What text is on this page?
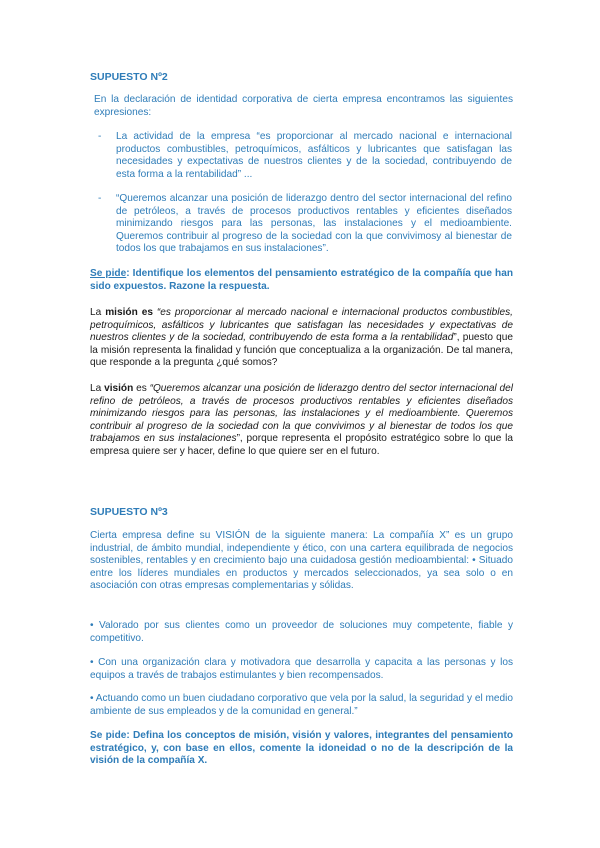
SUPUESTO Nº2
En la declaración de identidad corporativa de cierta empresa encontramos las siguientes expresiones:
- La actividad de la empresa “es proporcionar al mercado nacional e internacional productos combustibles, petroquímicos, asfálticos y lubricantes que satisfagan las necesidades y expectativas de nuestros clientes y de la sociedad, contribuyendo de esta forma a la rentabilidad” ...
- “Queremos alcanzar una posición de liderazgo dentro del sector internacional del refino de petróleos, a través de procesos productivos rentables y eficientes diseñados minimizando riesgos para las personas, las instalaciones y el medioambiente. Queremos contribuir al progreso de la sociedad con la que convivimosy al bienestar de todos los que trabajamos en sus instalaciones”.
Se pide: Identifique los elementos del pensamiento estratégico de la compañía que han sido expuestos. Razone la respuesta.
La misión es “es proporcionar al mercado nacional e internacional productos combustibles, petroquímicos, asfálticos y lubricantes que satisfagan las necesidades y expectativas de nuestros clientes y de la sociedad, contribuyendo de esta forma a la rentabilidad”, puesto que la misión representa la finalidad y función que conceptualiza a la organización. De tal manera, que responde a la pregunta ¿qué somos?
La visión es “Queremos alcanzar una posición de liderazgo dentro del sector internacional del refino de petróleos, a través de procesos productivos rentables y eficientes diseñados minimizando riesgos para las personas, las instalaciones y el medioambiente. Queremos contribuir al progreso de la sociedad con la que convivimos y al bienestar de todos los que trabajamos en sus instalaciones”, porque representa el propósito estratégico sobre lo que la empresa quiere ser y hacer, define lo que quiere ser en el futuro.
SUPUESTO Nº3
Cierta empresa define su VISIÓN de la siguiente manera: La compañía X” es un grupo industrial, de ámbito mundial, independiente y ético, con una cartera equilibrada de negocios sostenibles, rentables y en crecimiento bajo una cuidadosa gestión medioambiental: • Situado entre los líderes mundiales en productos y mercados seleccionados, ya sea solo o en asociación con otras empresas complementarias y sólidas.
• Valorado por sus clientes como un proveedor de soluciones muy competente, fiable y competitivo.
• Con una organización clara y motivadora que desarrolla y capacita a las personas y los equipos a través de trabajos estimulantes y bien recompensados.
• Actuando como un buen ciudadano corporativo que vela por la salud, la seguridad y el medio ambiente de sus empleados y de la comunidad en general.”
Se pide: Defina los conceptos de misión, visión y valores, integrantes del pensamiento estratégico, y, con base en ellos, comente la idoneidad o no de la descripción de la visión de la compañía X.
